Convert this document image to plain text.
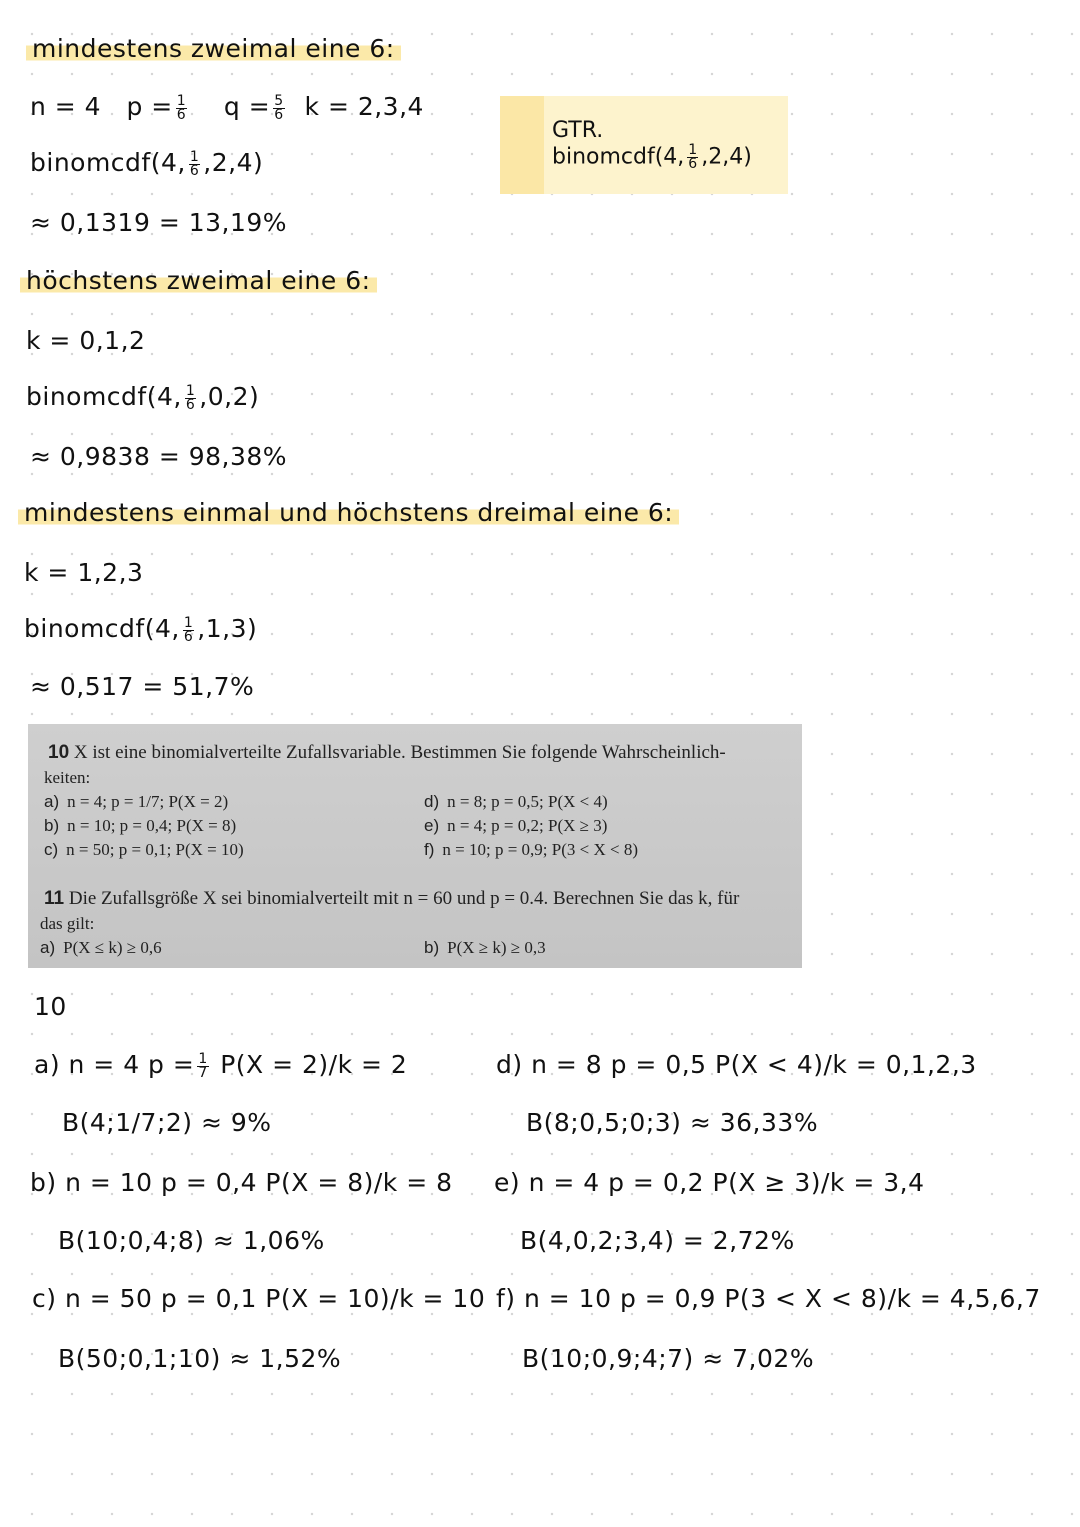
mindestens zweimal eine 6:
n = 4 $p = \frac{1}{6}$ $q = \frac{5}{6}$ k = 2,3,4
binomcdf(4, $\frac{1}{6} ,2,4$)
≈ 0,1319 = 13,19%
GTR.
binomcdf(4, $\frac{1}{6} ,2,4$)
höchstens zweimal eine 6:
k = 0,1,2
binomcdf(4, $\frac{1}{6} ,0,2$)
≈ 0,9838 = 98,38%
mindestens einmal und höchstens dreimal eine 6:
k = 1,2,3
binomcdf(4, $\frac{1}{6} ,1,3$)
≈ 0,517 = 51,7%
10 X ist eine binomialverteilte Zufallsvariable. Bestimmen Sie folgende Wahrscheinlich-
keiten:
a) n = 4; p = 1/7; P(X = 2)
b) n = 10; p = 0,4; P(X = 8)
c) n = 50; p = 0,1; P(X = 10)
d) n = 8; p = 0,5; P(X < 4)
e) n = 4; p = 0,2; P(X ≥ 3)
f) n = 10; p = 0,9; P(3 < X < 8)
11 Die Zufallsgröße X sei binomialverteilt mit n = 60 und p = 0.4. Berechnen Sie das k, für
das gilt:
a) P(X ≤ k) ≥ 0,6	b) P(X ≥ k) ≥ 0,3
10
a) n = 4 $p = \frac{1}{7} P(X = 2)/k = 2$
B(4;1/7;2) ≈ 9%
b) n = 10 p = 0,4 P(X = 8)/k = 8
B(10;0,4;8) ≈ 1,06%
c) n = 50 p = 0,1 P(X = 10)/k = 10
B(50;0,1;10) ≈ 1,52%
d) n = 8 p = 0,5 P(X < 4)/k = 0,1,2,3
B(8;0,5;0;3) ≈ 36,33%
e) n = 4 p = 0,2 P(X ≥ 3)/k = 3,4
B(4,0,2;3,4) = 2,72%
f) n = 10 p = 0,9 P(3 < X < 8)/k = 4,5,6,7
B(10;0,9;4;7) ≈ 7,02%
